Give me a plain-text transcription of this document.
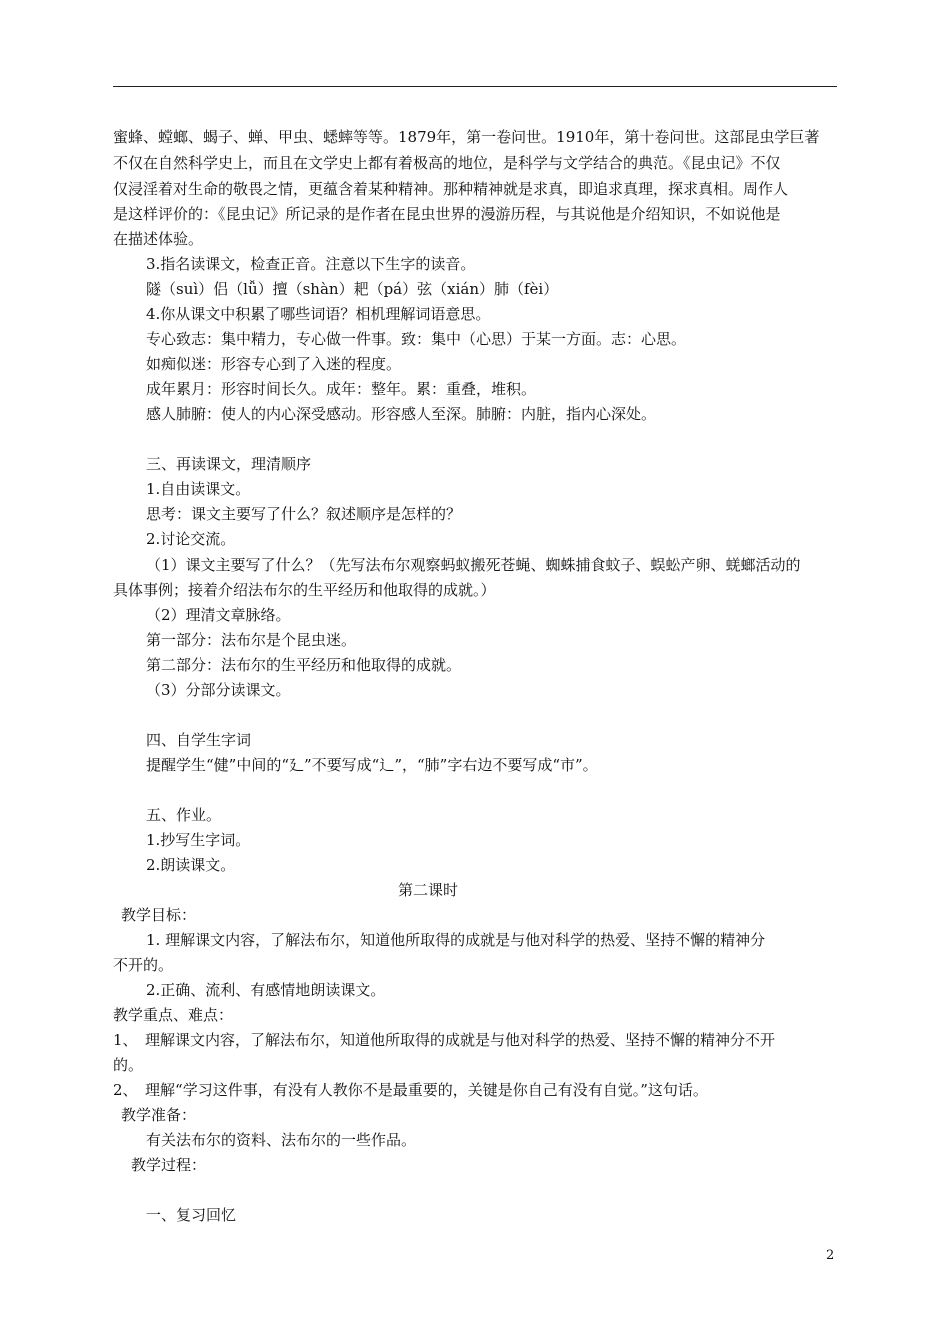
蜜蜂、螳螂、蝎子、蝉、甲虫、蟋蟀等等。1879年，第一卷问世。1910年，第十卷问世。这部昆虫学巨著
不仅在自然科学史上，而且在文学史上都有着极高的地位，是科学与文学结合的典范。《昆虫记》不仅
仅浸淫着对生命的敬畏之情，更蕴含着某种精神。那种精神就是求真，即追求真理，探求真相。周作人
是这样评价的：《昆虫记》所记录的是作者在昆虫世界的漫游历程，与其说他是介绍知识，不如说他是
在描述体验。
3.指名读课文，检查正音。注意以下生字的读音。
隧（suì）侣（lǚ）擅（shàn）耙（pá）弦（xián）肺（fèi）
4.你从课文中积累了哪些词语？相机理解词语意思。
专心致志：集中精力，专心做一件事。致：集中（心思）于某一方面。志：心思。
如痴似迷：形容专心到了入迷的程度。
成年累月：形容时间长久。成年：整年。累：重叠，堆积。
感人肺腑：使人的内心深受感动。形容感人至深。肺腑：内脏，指内心深处。
三、再读课文，理清顺序
1.自由读课文。
思考：课文主要写了什么？叙述顺序是怎样的？
2.讨论交流。
（1）课文主要写了什么？（先写法布尔观察蚂蚁搬死苍蝇、蜘蛛捕食蚊子、蜈蚣产卵、蜣螂活动的
具体事例；接着介绍法布尔的生平经历和他取得的成就。）
（2）理清文章脉络。
第一部分：法布尔是个昆虫迷。
第二部分：法布尔的生平经历和他取得的成就。
（3）分部分读课文。
四、自学生字词
提醒学生“健”中间的“廴”不要写成“辶”，“肺”字右边不要写成“市”。
五、作业。
1.抄写生字词。
2.朗读课文。
第二课时
教学目标：
1. 理解课文内容，了解法布尔，知道他所取得的成就是与他对科学的热爱、坚持不懈的精神分
不开的。
2.正确、流利、有感情地朗读课文。
教学重点、难点：
1、　理解课文内容，了解法布尔，知道他所取得的成就是与他对科学的热爱、坚持不懈的精神分不开
的。
2、　理解“学习这件事，有没有人教你不是最重要的，关键是你自己有没有自觉。”这句话。
教学准备：
有关法布尔的资料、法布尔的一些作品。
教学过程：
一、复习回忆
2
